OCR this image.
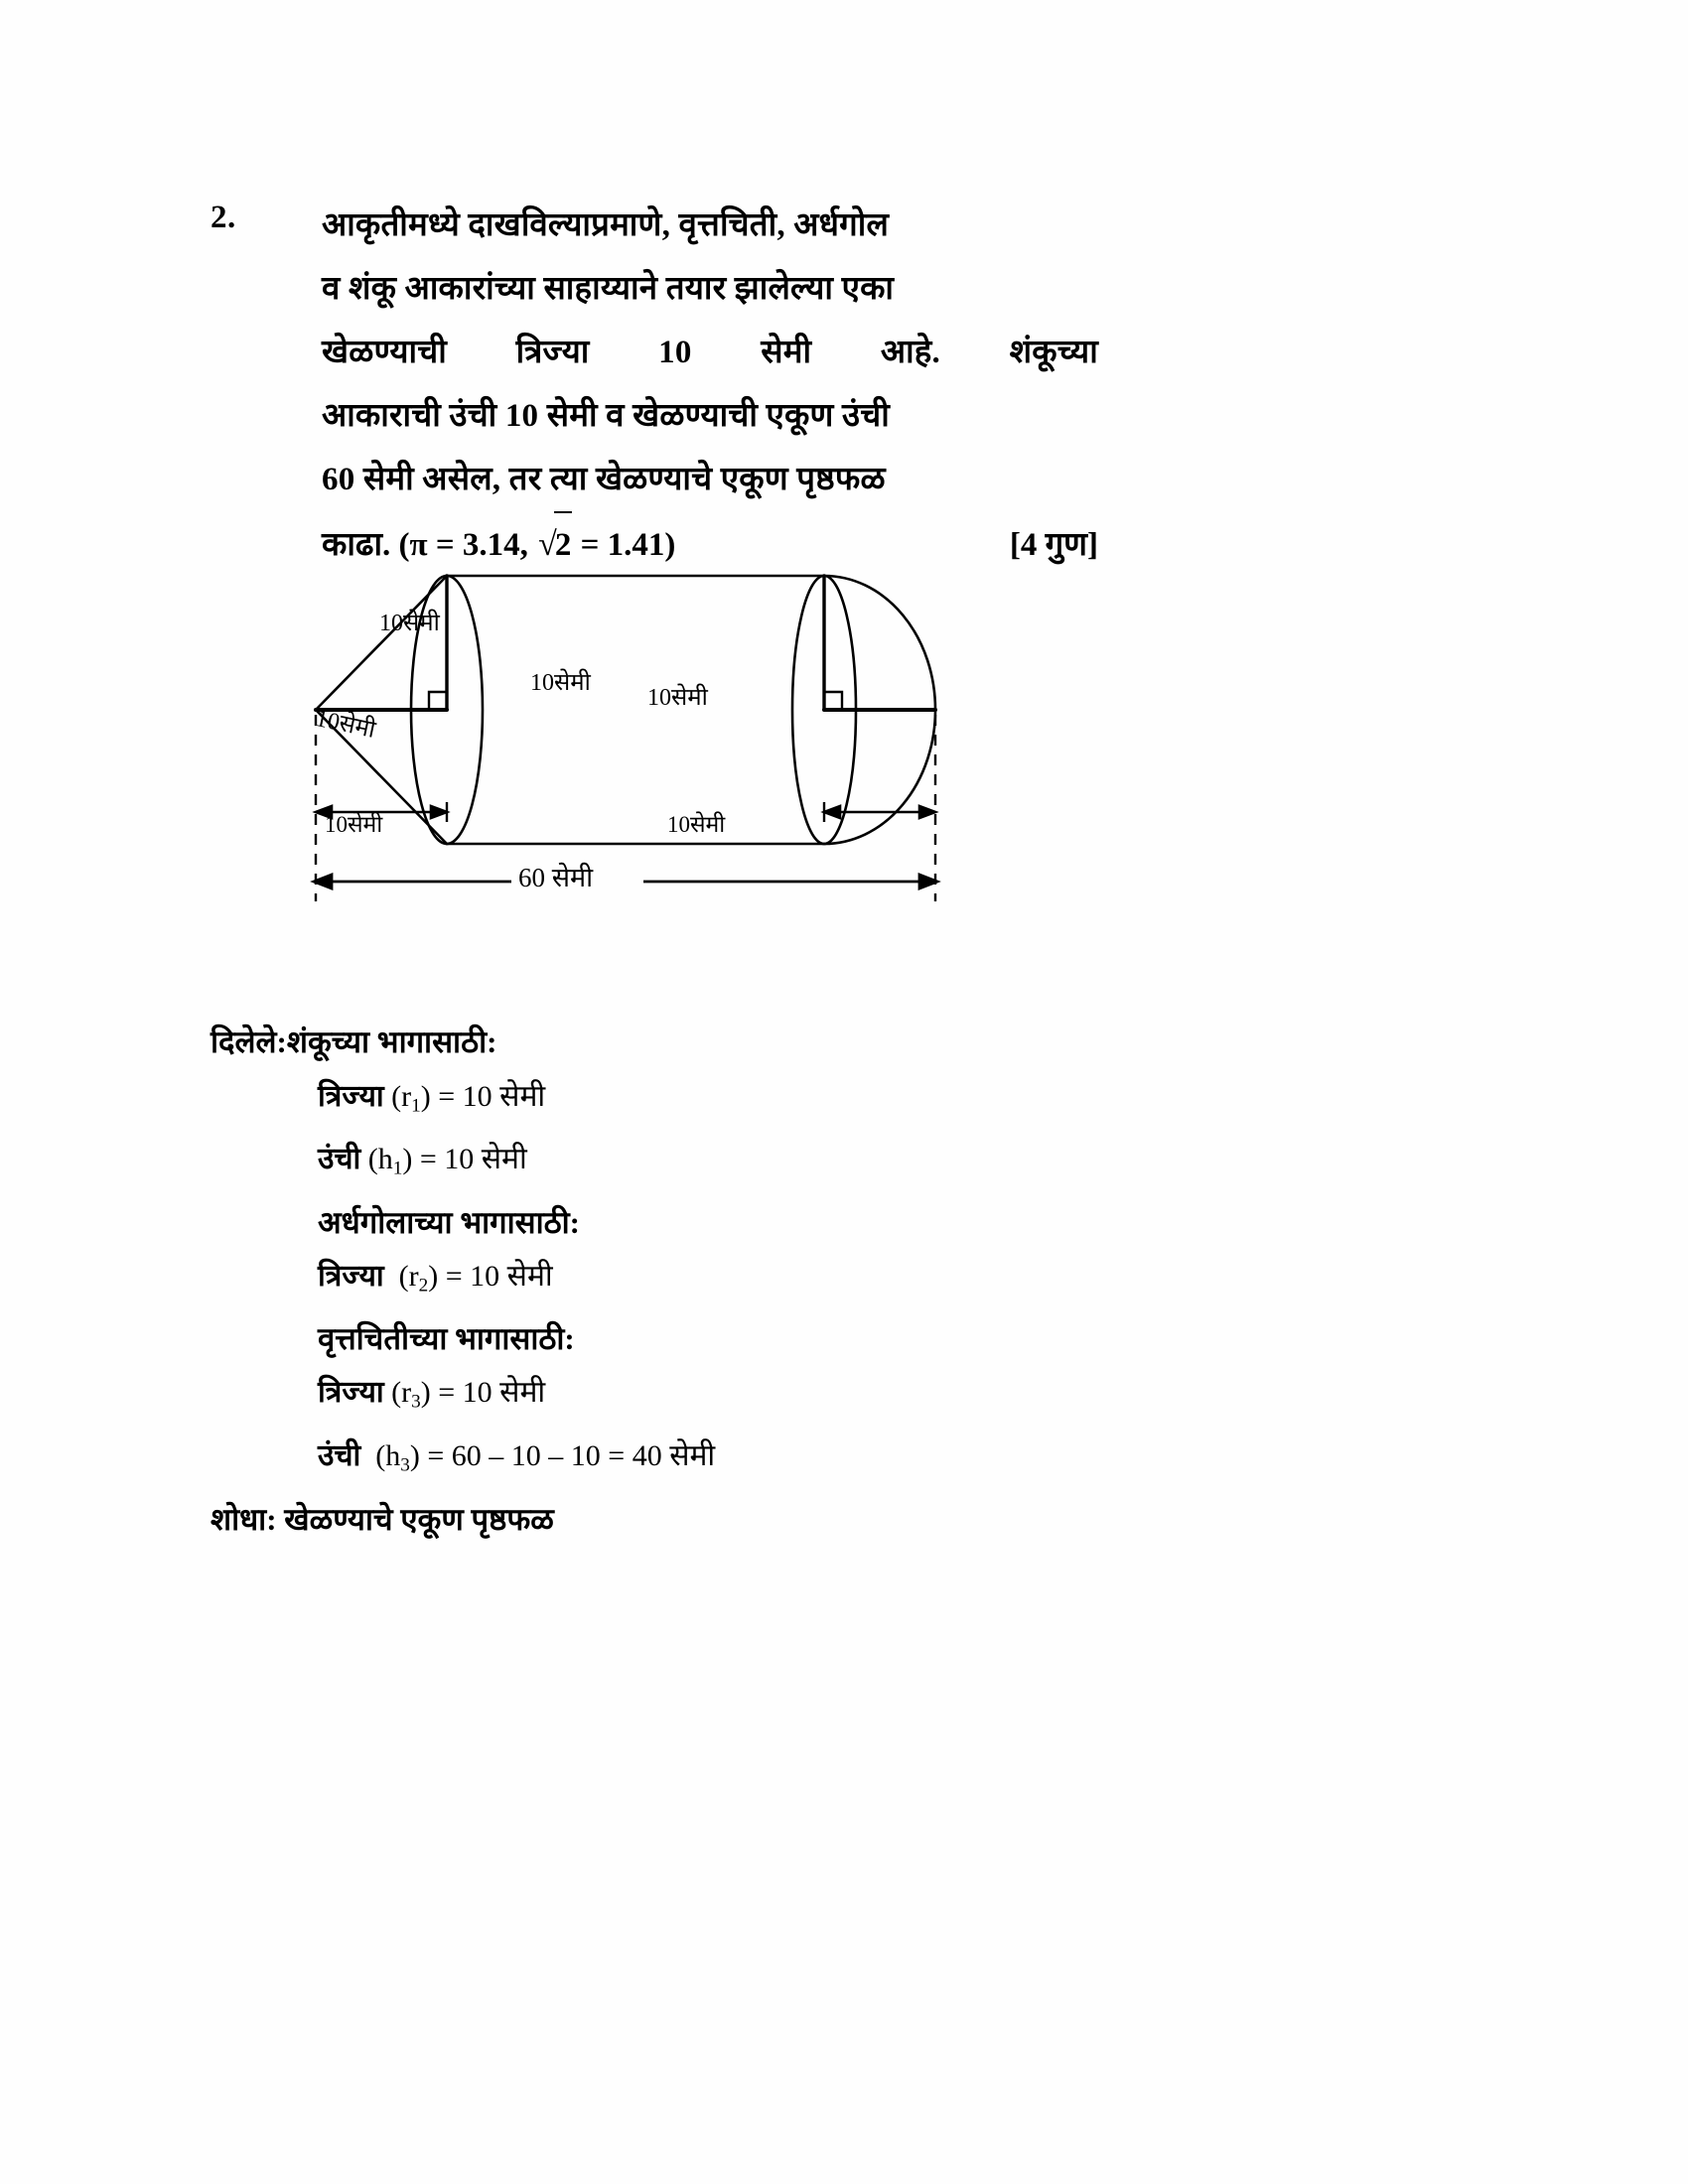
2.	आकृतीमध्ये दाखविल्याप्रमाणे, वृत्तचिती, अर्धगोल
व शंकू आकारांच्या साहाय्याने तयार झालेल्या एका
खेळण्याची त्रिज्या 10 सेमी आहे. शंकूच्या
आकाराची उंची 10 सेमी व खेळण्याची एकूण उंची
60 सेमी असेल, तर त्या खेळण्याचे एकूण पृष्ठफळ
काढा. (π = 3.14, √2 = 1.41)	[4 गुण]
10सेमी
10सेमी
10सेमी
10सेमी
10सेमी	10सेमी
60 सेमी
दिलेले:शंकूच्या भागासाठी:
त्रिज्या $(r_1) = 10$ सेमी
उंची $(h_1) = 10$ सेमी
अर्धगोलाच्या भागासाठी:
त्रिज्या  $(r_2) = 10$ सेमी
वृत्तचितीच्या भागासाठी:
त्रिज्या $(r_3) = 10$ सेमी
उंची  $(h_3) = 60 - 10 - 10 = 40$ सेमी
शोधा: खेळण्याचे एकूण पृष्ठफळ
